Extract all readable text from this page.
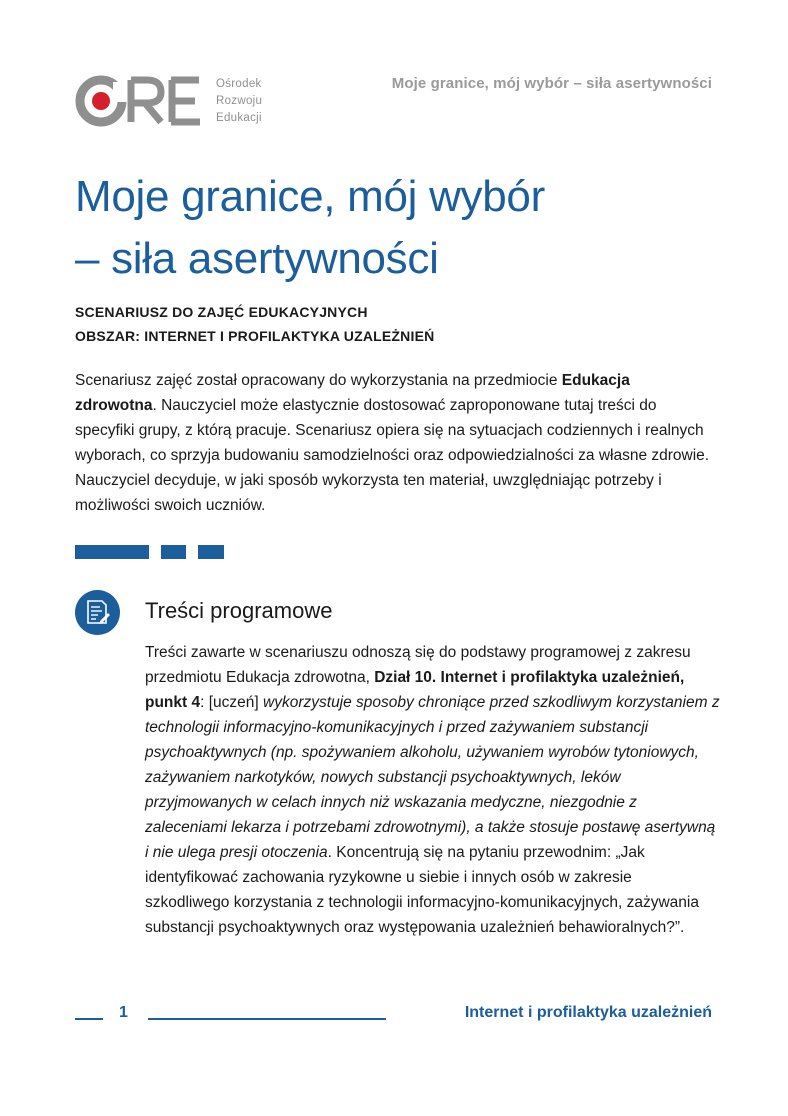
Ośrodek
Rozwoju
Edukacji
Moje granice, mój wybór – siła asertywności
Moje granice, mój wybór
– siła asertywności
SCENARIUSZ DO ZAJĘĆ EDUKACYJNYCH
OBSZAR: INTERNET I PROFILAKTYKA UZALEŻNIEŃ

Scenariusz zajęć został opracowany do wykorzystania na przedmiocie Edukacja zdrowotna. Nauczyciel może elastycznie dostosować zaproponowane tutaj treści do specyfiki grupy, z którą pracuje. Scenariusz opiera się na sytuacjach codziennych i realnych wyborach, co sprzyja budowaniu samodzielności oraz odpowiedzialności za własne zdrowie. Nauczyciel decyduje, w jaki sposób wykorzysta ten materiał, uwzględniając potrzeby i możliwości swoich uczniów.

Treści programowe

Treści zawarte w scenariuszu odnoszą się do podstawy programowej z zakresu przedmiotu Edukacja zdrowotna, Dział 10. Internet i profilaktyka uzależnień, punkt 4: [uczeń] wykorzystuje sposoby chroniące przed szkodliwym korzystaniem z technologii informacyjno-komunikacyjnych i przed zażywaniem substancji psychoaktywnych (np. spożywaniem alkoholu, używaniem wyrobów tytoniowych, zażywaniem narkotyków, nowych substancji psychoaktywnych, leków przyjmowanych w celach innych niż wskazania medyczne, niezgodnie z zaleceniami lekarza i potrzebami zdrowotnymi), a także stosuje postawę asertywną i nie ulega presji otoczenia. Koncentrują się na pytaniu przewodnim: „Jak identyfikować zachowania ryzykowne u siebie i innych osób w zakresie szkodliwego korzystania z technologii informacyjno-komunikacyjnych, zażywania substancji psychoaktywnych oraz występowania uzależnień behawioralnych?”.

1	Internet i profilaktyka uzależnień
